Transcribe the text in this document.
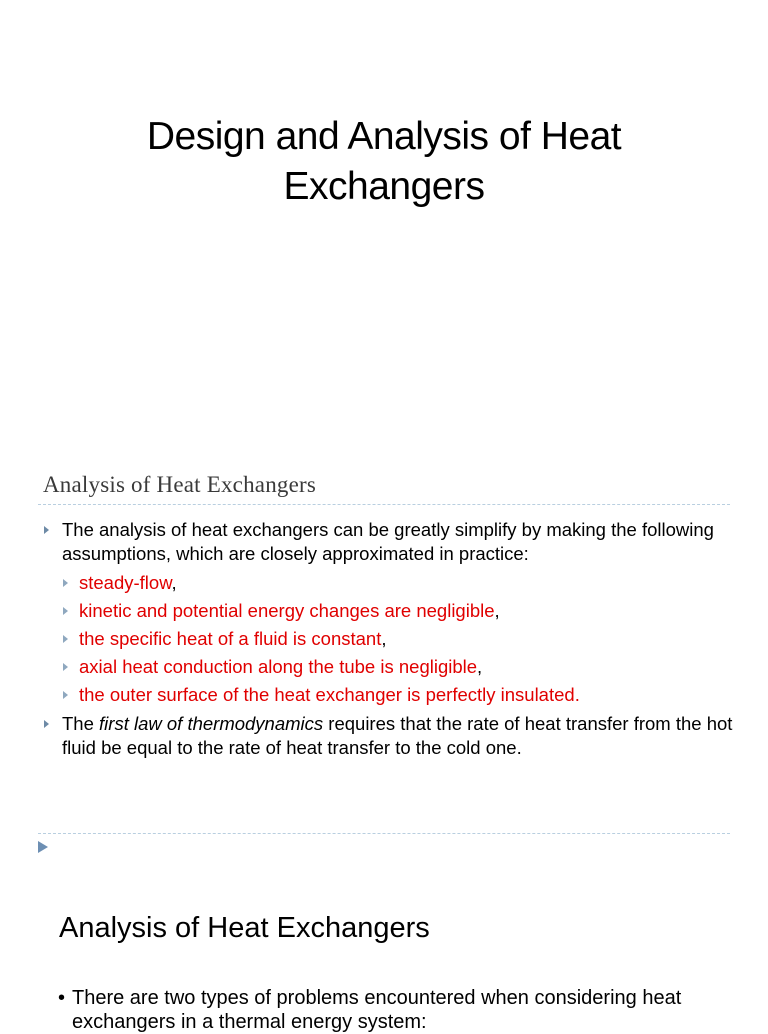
Design and Analysis of Heat
Exchangers
Analysis of Heat Exchangers
The analysis of heat exchangers can be greatly simplify by making the following assumptions, which are closely approximated in practice:
steady-flow,
kinetic and potential energy changes are negligible,
the specific heat of a fluid is constant,
axial heat conduction along the tube is negligible,
the outer surface of the heat exchanger is perfectly insulated.
The first law of thermodynamics requires that the rate of heat transfer from the hot fluid be equal to the rate of heat transfer to the cold one.
Analysis of Heat Exchangers
• There are two types of problems encountered when considering heat exchangers in a thermal energy system:
